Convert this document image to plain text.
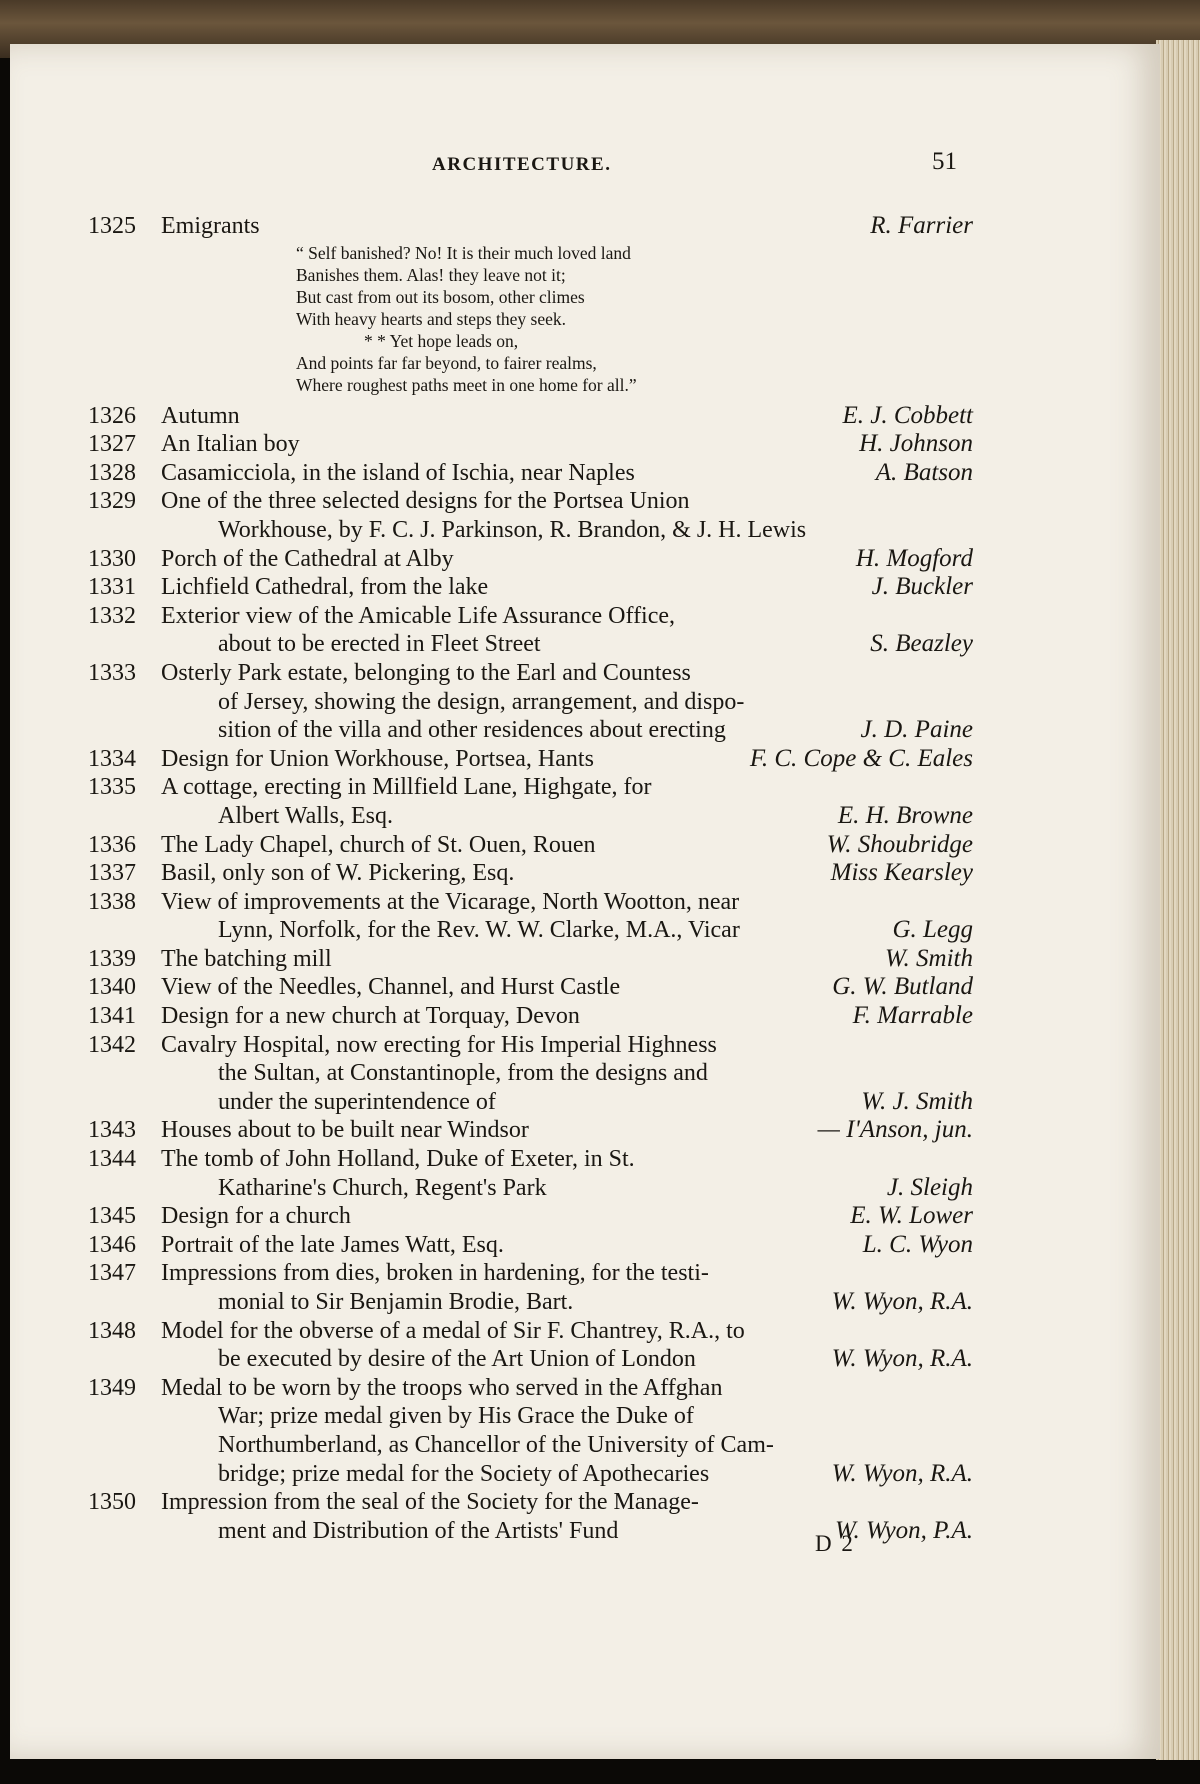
ARCHITECTURE.	51
1325	Emigrants	R. Farrier
“ Self banished? No! It is their much loved land
Banishes them. Alas! they leave not it;
But cast from out its bosom, other climes
With heavy hearts and steps they seek.
* * Yet hope leads on,
And points far far beyond, to fairer realms,
Where roughest paths meet in one home for all.”
1326	Autumn	E. J. Cobbett
1327	An Italian boy	H. Johnson
1328	Casamicciola, in the island of Ischia, near Naples	A. Batson
1329	One of the three selected designs for the Portsea Union
Workhouse, by F. C. J. Parkinson, R. Brandon, & J. H. Lewis
1330	Porch of the Cathedral at Alby	H. Mogford
1331	Lichfield Cathedral, from the lake	J. Buckler
1332	Exterior view of the Amicable Life Assurance Office,
about to be erected in Fleet Street	S. Beazley
1333	Osterly Park estate, belonging to the Earl and Countess
of Jersey, showing the design, arrangement, and dispo-
sition of the villa and other residences about erecting	J. D. Paine
1334	Design for Union Workhouse, Portsea, Hants	F. C. Cope & C. Eales
1335	A cottage, erecting in Millfield Lane, Highgate, for
Albert Walls, Esq.	E. H. Browne
1336	The Lady Chapel, church of St. Ouen, Rouen	W. Shoubridge
1337	Basil, only son of W. Pickering, Esq.	Miss Kearsley
1338	View of improvements at the Vicarage, North Wootton, near
Lynn, Norfolk, for the Rev. W. W. Clarke, M.A., Vicar	G. Legg
1339	The batching mill	W. Smith
1340	View of the Needles, Channel, and Hurst Castle	G. W. Butland
1341	Design for a new church at Torquay, Devon	F. Marrable
1342	Cavalry Hospital, now erecting for His Imperial Highness
the Sultan, at Constantinople, from the designs and
under the superintendence of	W. J. Smith
1343	Houses about to be built near Windsor	— I'Anson, jun.
1344	The tomb of John Holland, Duke of Exeter, in St.
Katharine's Church, Regent's Park	J. Sleigh
1345	Design for a church	E. W. Lower
1346	Portrait of the late James Watt, Esq.	L. C. Wyon
1347	Impressions from dies, broken in hardening, for the testi-
monial to Sir Benjamin Brodie, Bart.	W. Wyon, R.A.
1348	Model for the obverse of a medal of Sir F. Chantrey, R.A., to
be executed by desire of the Art Union of London	W. Wyon, R.A.
1349	Medal to be worn by the troops who served in the Affghan
War; prize medal given by His Grace the Duke of
Northumberland, as Chancellor of the University of Cam-
bridge; prize medal for the Society of Apothecaries	W. Wyon, R.A.
1350	Impression from the seal of the Society for the Manage-
ment and Distribution of the Artists' Fund	W. Wyon, P.A.
D 2
